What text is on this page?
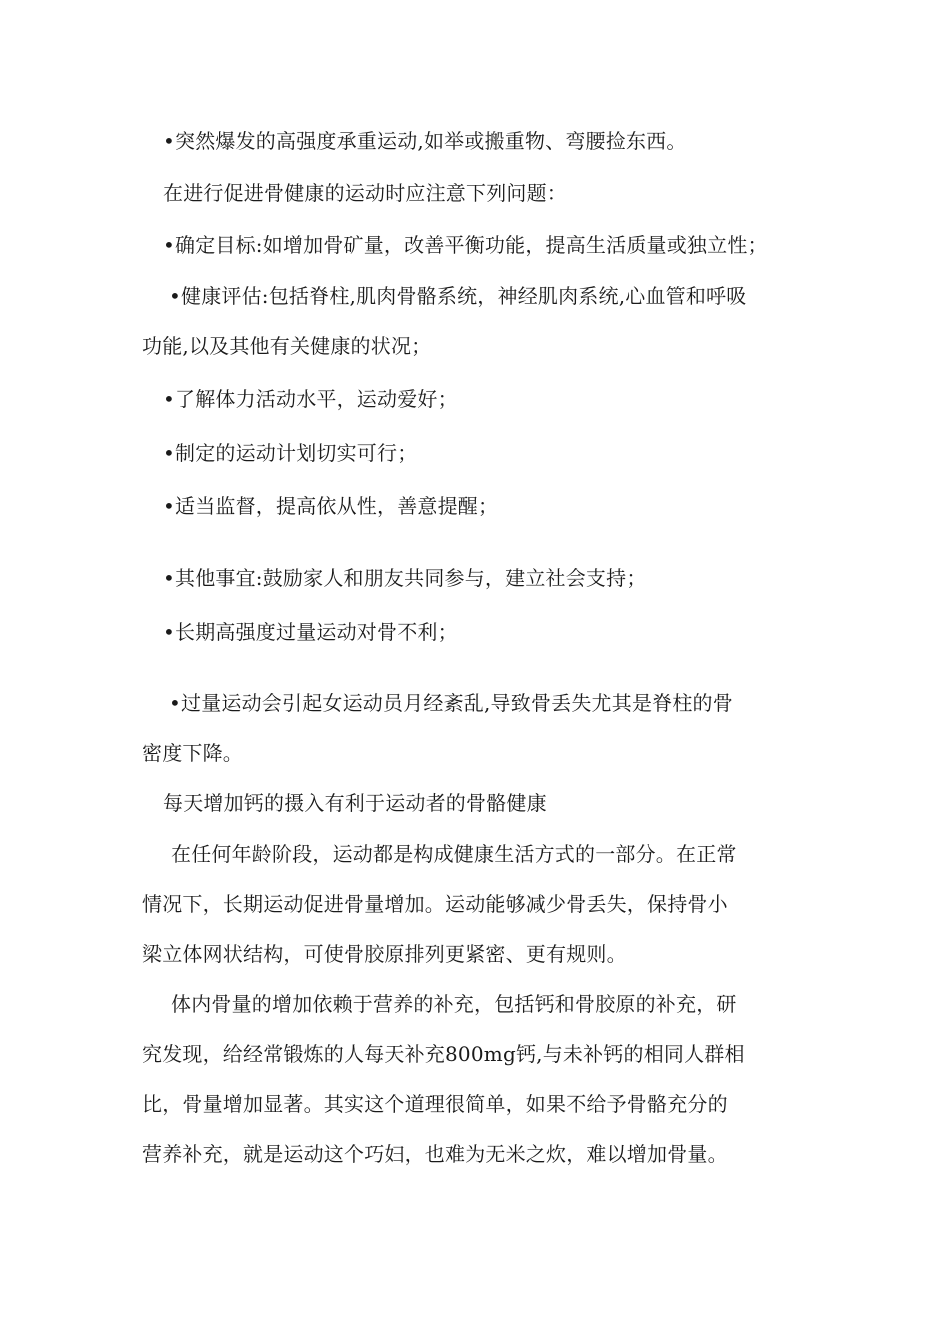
•突然爆发的高强度承重运动,如举或搬重物、弯腰捡东西。
在进行促进骨健康的运动时应注意下列问题：
•确定目标:如增加骨矿量，改善平衡功能，提高生活质量或独立性；
•健康评估:包括脊柱,肌肉骨骼系统，神经肌肉系统,心血管和呼吸
功能,以及其他有关健康的状况；
•了解体力活动水平，运动爱好；
•制定的运动计划切实可行；
•适当监督，提高依从性，善意提醒；
•其他事宜:鼓励家人和朋友共同参与，建立社会支持；
•长期高强度过量运动对骨不利；
•过量运动会引起女运动员月经紊乱,导致骨丢失尤其是脊柱的骨
密度下降。
每天增加钙的摄入有利于运动者的骨骼健康
在任何年龄阶段，运动都是构成健康生活方式的一部分。在正常
情况下，长期运动促进骨量增加。运动能够减少骨丢失，保持骨小
梁立体网状结构，可使骨胶原排列更紧密、更有规则。
体内骨量的增加依赖于营养的补充，包括钙和骨胶原的补充，研
究发现，给经常锻炼的人每天补充800mg钙,与未补钙的相同人群相
比，骨量增加显著。其实这个道理很简单，如果不给予骨骼充分的
营养补充，就是运动这个巧妇，也难为无米之炊，难以增加骨量。
